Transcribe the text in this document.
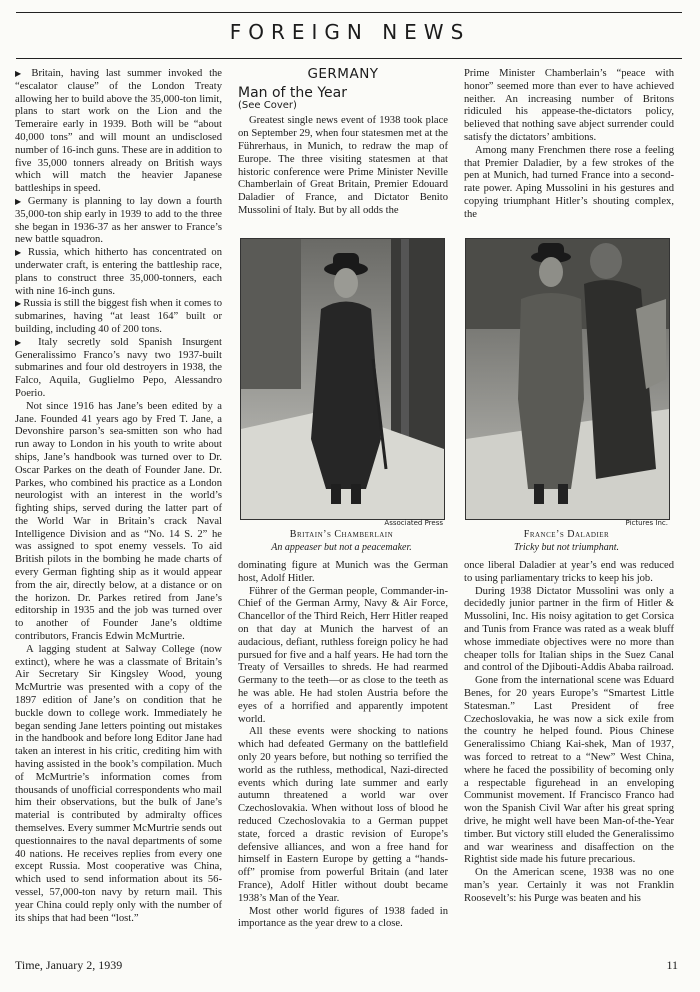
FOREIGN NEWS

▶ Britain, having last summer invoked the “escalator clause” of the London Treaty allowing her to build above the 35,000-ton limit, plans to start work on the Lion and the Temeraire early in 1939. Both will be “about 40,000 tons” and will mount an undisclosed number of 16-inch guns. These are in addition to five 35,000 tonners already on British ways which will match the heavier Japanese battleships in speed.

▶ Germany is planning to lay down a fourth 35,000-ton ship early in 1939 to add to the three she began in 1936-37 as her answer to France’s new battle squadron.

▶ Russia, which hitherto has concentrated on underwater craft, is entering the battleship race, plans to construct three 35,000-tonners, each with nine 16-inch guns.

▶ Russia is still the biggest fish when it comes to submarines, having “at least 164” built or building, including 40 of 200 tons.

▶ Italy secretly sold Spanish Insurgent Generalissimo Franco’s navy two 1937-built submarines and four old destroyers in 1938, the Falco, Aquila, Guglielmo Pepo, Alessandro Poerio.

Not since 1916 has Jane’s been edited by a Jane. Founded 41 years ago by Fred T. Jane, a Devonshire parson’s sea-smitten son who had run away to London in his youth to write about ships, Jane’s handbook was turned over to Dr. Oscar Parkes on the death of Founder Jane. Dr. Parkes, who combined his practice as a London neurologist with an interest in the world’s fighting ships, served during the latter part of the World War in Britain’s crack Naval Intelligence Division and as “No. 14 S. 2” he was assigned to spot enemy vessels. To aid British pilots in the bombing he made charts of every German fighting ship as it would appear from the air, directly below, at a distance or on the horizon. Dr. Parkes retired from Jane’s editorship in 1935 and the job was turned over to another of Founder Jane’s oldtime contributors, Francis Edwin McMurtrie.

A lagging student at Salway College (now extinct), where he was a classmate of Britain’s Air Secretary Sir Kingsley Wood, young McMurtrie was presented with a copy of the 1897 edition of Jane’s on condition that he buckle down to college work. Immediately he began sending Jane letters pointing out mistakes in the handbook and before long Editor Jane had taken an interest in his critic, crediting him with having assisted in the book’s compilation. Much of McMurtrie’s information comes from thousands of unofficial correspondents who mail him their observations, but the bulk of Jane’s material is contributed by admiralty offices themselves. Every summer McMurtrie sends out questionnaires to the naval departments of some 40 nations. He receives replies from every one except Russia. Most cooperative was China, which used to send information about its 56-vessel, 57,000-ton navy by return mail. This year China could reply only with the number of its ships that had been “lost.”

GERMANY
Man of the Year
(See Cover)

Greatest single news event of 1938 took place on September 29, when four statesmen met at the Führerhaus, in Munich, to redraw the map of Europe. The three visiting statesmen at that historic conference were Prime Minister Neville Chamberlain of Great Britain, Premier Edouard Daladier of France, and Dictator Benito Mussolini of Italy. But by all odds the

Prime Minister Chamberlain’s “peace with honor” seemed more than ever to have achieved neither. An increasing number of Britons ridiculed his appease-the-dictators policy, believed that nothing save abject surrender could satisfy the dictators’ ambitions.

Among many Frenchmen there rose a feeling that Premier Daladier, by a few strokes of the pen at Munich, had turned France into a second-rate power. Aping Mussolini in his gestures and copying triumphant Hitler’s shouting complex, the

Associated Press
Britain’s Chamberlain
An appeaser but not a peacemaker.
Pictures Inc.
France’s Daladier
Tricky but not triumphant.

dominating figure at Munich was the German host, Adolf Hitler.

Führer of the German people, Commander-in-Chief of the German Army, Navy & Air Force, Chancellor of the Third Reich, Herr Hitler reaped on that day at Munich the harvest of an audacious, defiant, ruthless foreign policy he had pursued for five and a half years. He had torn the Treaty of Versailles to shreds. He had rearmed Germany to the teeth—or as close to the teeth as he was able. He had stolen Austria before the eyes of a horrified and apparently impotent world.

All these events were shocking to nations which had defeated Germany on the battlefield only 20 years before, but nothing so terrified the world as the ruthless, methodical, Nazi-directed events which during late summer and early autumn threatened a world war over Czechoslovakia. When without loss of blood he reduced Czechoslovakia to a German puppet state, forced a drastic revision of Europe’s defensive alliances, and won a free hand for himself in Eastern Europe by getting a “hands-off” promise from powerful Britain (and later France), Adolf Hitler without doubt became 1938’s Man of the Year.

Most other world figures of 1938 faded in importance as the year drew to a close.

once liberal Daladier at year’s end was reduced to using parliamentary tricks to keep his job.

During 1938 Dictator Mussolini was only a decidedly junior partner in the firm of Hitler & Mussolini, Inc. His noisy agitation to get Corsica and Tunis from France was rated as a weak bluff whose immediate objectives were no more than cheaper tolls for Italian ships in the Suez Canal and control of the Djibouti-Addis Ababa railroad.

Gone from the international scene was Eduard Benes, for 20 years Europe’s “Smartest Little Statesman.” Last President of free Czechoslovakia, he was now a sick exile from the country he helped found. Pious Chinese Generalissimo Chiang Kai-shek, Man of 1937, was forced to retreat to a “New” West China, where he faced the possibility of becoming only a respectable figurehead in an enveloping Communist movement. If Francisco Franco had won the Spanish Civil War after his great spring drive, he might well have been Man-of-the-Year timber. But victory still eluded the Generalissimo and war weariness and disaffection on the Rightist side made his future precarious.

On the American scene, 1938 was no one man’s year. Certainly it was not Franklin Roosevelt’s: his Purge was beaten and his

Time, January 2, 1939	11
